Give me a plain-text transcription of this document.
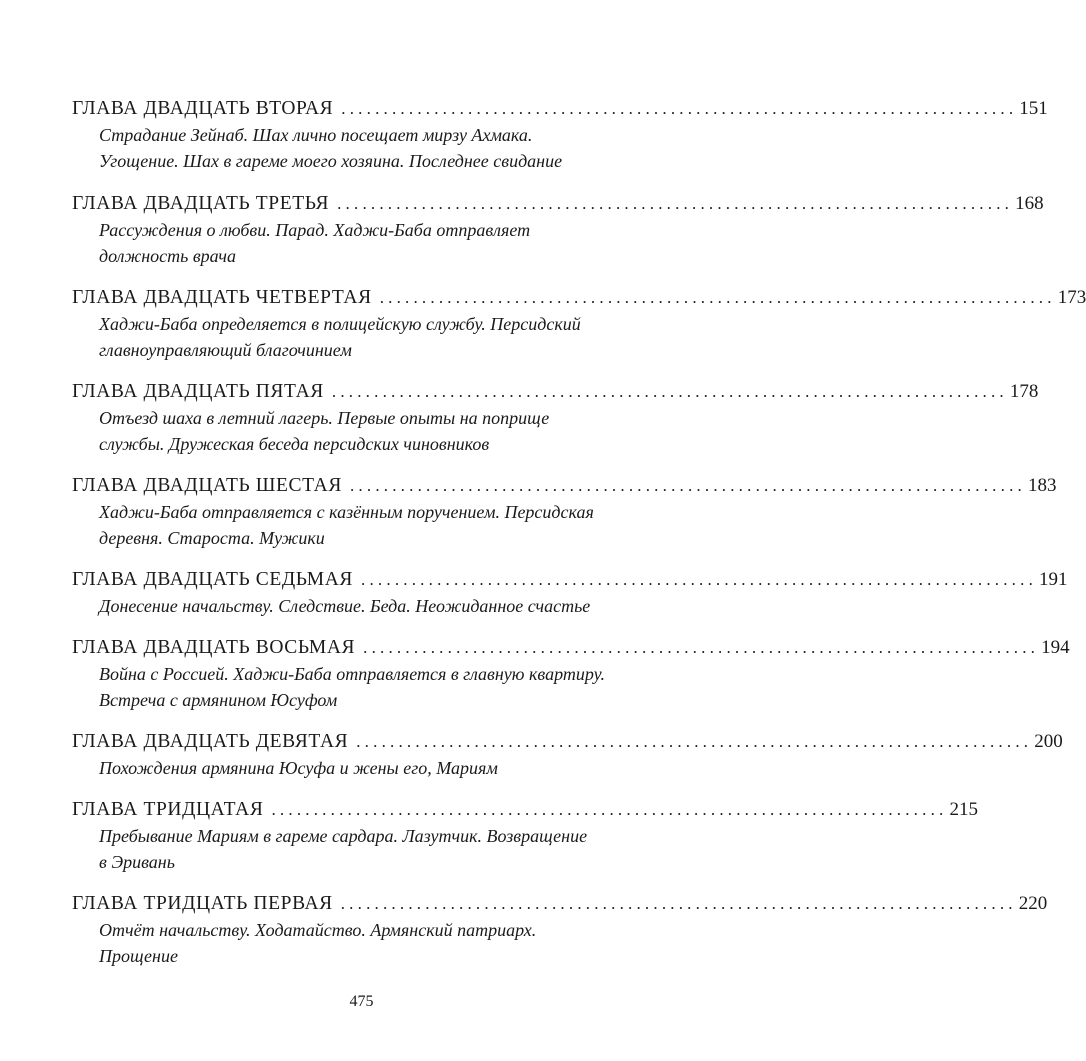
ГЛАВА ДВАДЦАТЬ ВТОРАЯ ................................................................................ 151
Страдание Зейнаб. Шах лично посещает мирзу Ахмака.
Угощение. Шах в гареме моего хозяина. Последнее свидание
ГЛАВА ДВАДЦАТЬ ТРЕТЬЯ ................................................................................ 168
Рассуждения о любви. Парад. Хаджи-Баба отправляет
должность врача
ГЛАВА ДВАДЦАТЬ ЧЕТВЕРТАЯ ................................................................................ 173
Хаджи-Баба определяется в полицейскую службу. Персидский
главноуправляющий благочинием
ГЛАВА ДВАДЦАТЬ ПЯТАЯ ................................................................................ 178
Отъезд шаха в летний лагерь. Первые опыты на поприще
службы. Дружеская беседа персидских чиновников
ГЛАВА ДВАДЦАТЬ ШЕСТАЯ ................................................................................ 183
Хаджи-Баба отправляется с казённым поручением. Персидская
деревня. Староста. Мужики
ГЛАВА ДВАДЦАТЬ СЕДЬМАЯ ................................................................................ 191
Донесение начальству. Следствие. Беда. Неожиданное счастье
ГЛАВА ДВАДЦАТЬ ВОСЬМАЯ ................................................................................ 194
Война с Россией. Хаджи-Баба отправляется в главную квартиру.
Встреча с армянином Юсуфом
ГЛАВА ДВАДЦАТЬ ДЕВЯТАЯ ................................................................................ 200
Похождения армянина Юсуфа и жены его, Мариям
ГЛАВА ТРИДЦАТАЯ ................................................................................ 215
Пребывание Мариям в гареме сардара. Лазутчик. Возвращение
в Эривань
ГЛАВА ТРИДЦАТЬ ПЕРВАЯ ................................................................................ 220
Отчёт начальству. Ходатайство. Армянский патриарх.
Прощение
475
